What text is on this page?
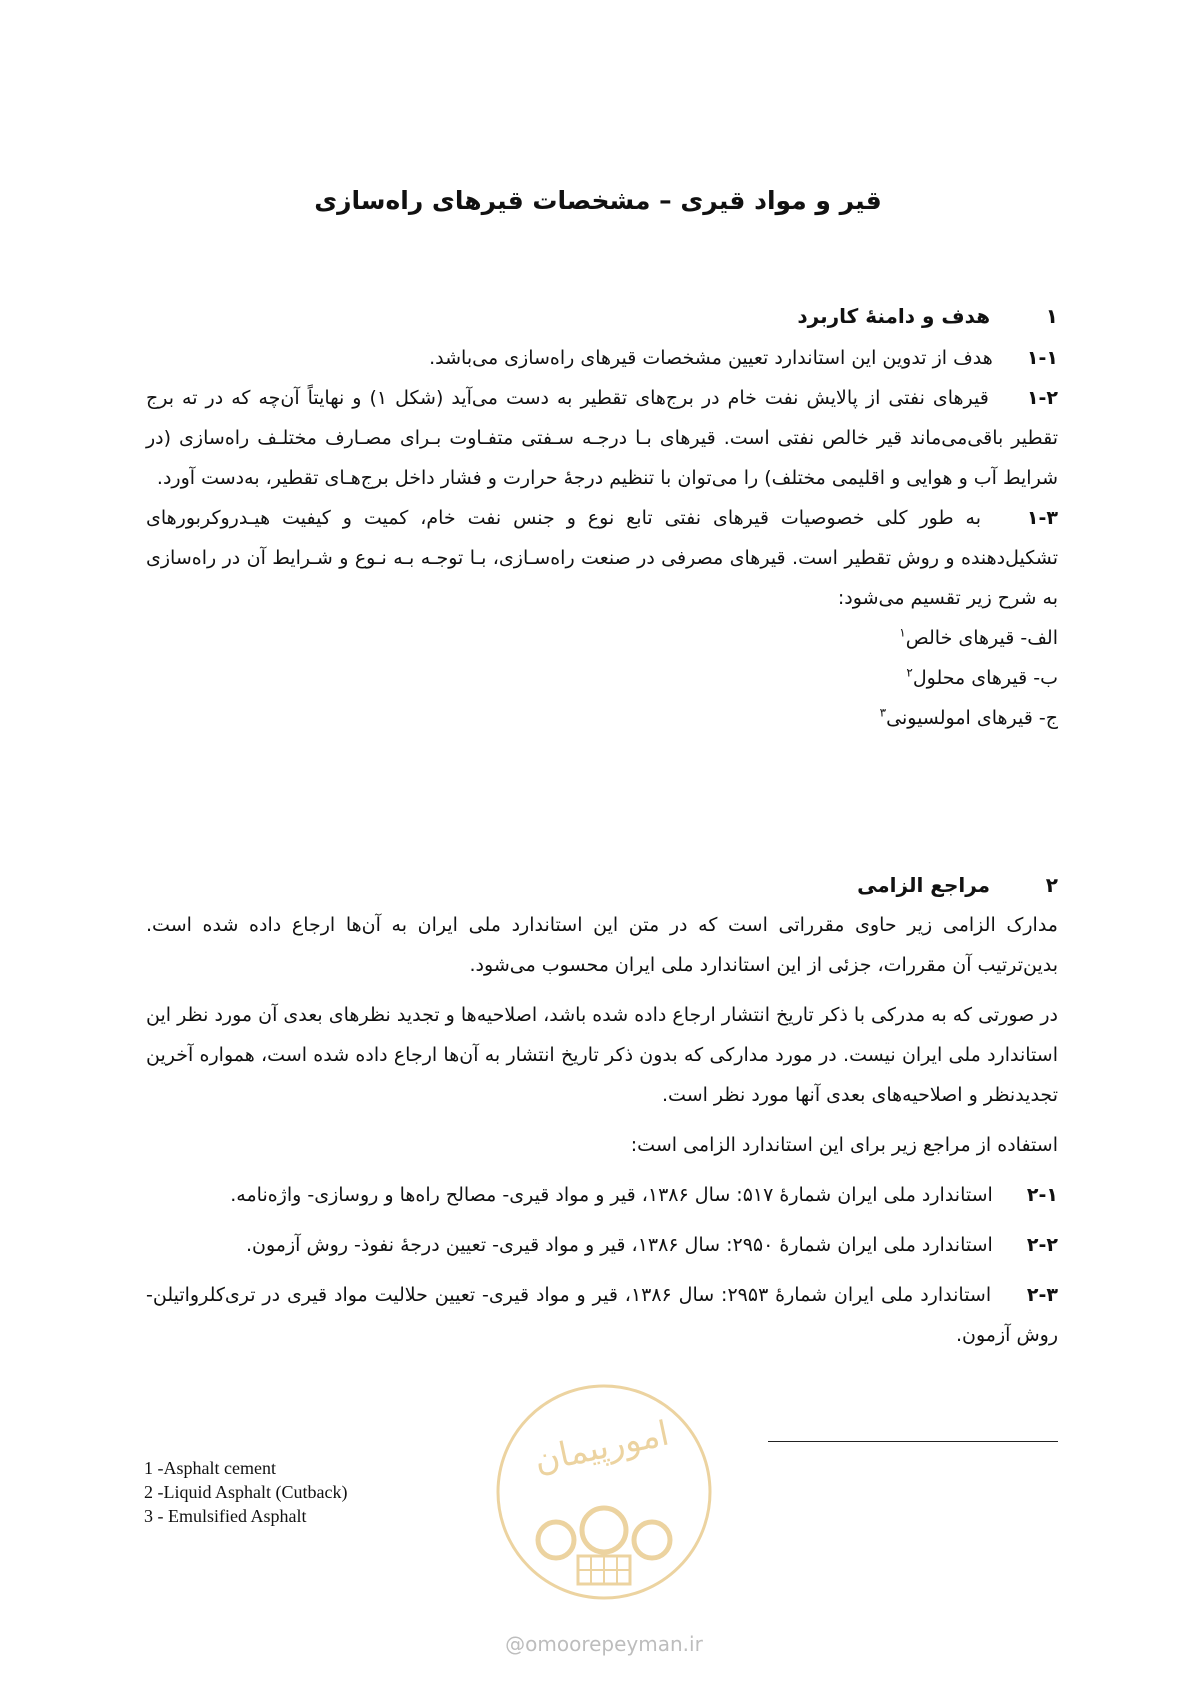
قیر و مواد قیری – مشخصات قیرهای راه‌سازی
۱  هدف و دامنهٔ کاربرد

۱-۱  هدف از تدوین این استاندارد تعیین مشخصات قیرهای راه‌سازی می‌باشد.

۱-۲  قیرهای نفتی از پالایش نفت خام در برج‌های تقطیر به دست می‌آید (شکل ۱) و نهایتاً آن‌چه که در ته برج تقطیر باقی‌می‌ماند قیر خالص نفتی است. قیرهای بـا درجـه سـفتی متفـاوت بـرای مصـارف مختلـف راه‌سازی (در شرایط آب و هوایی و اقلیمی مختلف) را می‌توان با تنظیم درجهٔ حرارت و فشار داخل برج‌هـای تقطیر، به‌دست آورد.

۱-۳  به طور کلی خصوصیات قیرهای نفتی تابع نوع و جنس نفت خام، کمیت و کیفیت هیـدروکربورهای تشکیل‌دهنده و روش تقطیر است. قیرهای مصرفی در صنعت راه‌سـازی، بـا توجـه بـه نـوع و شـرایط آن در راه‌سازی به شرح زیر تقسیم می‌شود:

الف- قیرهای خالص$^۱$

ب- قیرهای محلول$^۲$

ج- قیرهای امولسیونی$^۳$

۲  مراجع الزامی

مدارک الزامی زیر حاوی مقرراتی است که در متن این استاندارد ملی ایران به آن‌ها ارجاع داده شده است. بدین‌ترتیب آن مقررات، جزئی از این استاندارد ملی ایران محسوب می‌شود.

در صورتی که به مدرکی با ذکر تاریخ انتشار ارجاع داده شده باشد، اصلاحیه‌ها و تجدید نظرهای بعدی آن مورد نظر این استاندارد ملی ایران نیست. در مورد مدارکی که بدون ذکر تاریخ انتشار به آن‌ها ارجاع داده شده است، همواره آخرین تجدیدنظر و اصلاحیه‌های بعدی آنها مورد نظر است.

استفاده از مراجع زیر برای این استاندارد الزامی است:

۲-۱  استاندارد ملی ایران شمارهٔ ۵۱۷: سال ۱۳۸۶، قیر و مواد قیری- مصالح راه‌ها و روسازی- واژه‌نامه.

۲-۲  استاندارد ملی ایران شمارهٔ ۲۹۵۰: سال ۱۳۸۶، قیر و مواد قیری- تعیین درجهٔ نفوذ- روش آزمون.

۲-۳  استاندارد ملی ایران شمارهٔ ۲۹۵۳: سال ۱۳۸۶، قیر و مواد قیری- تعیین حلالیت مواد قیری در تری‌کلرواتیلن- روش آزمون.

1 -Asphalt cement
2 -Liquid Asphalt (Cutback)
3 - Emulsified Asphalt
امورپیمان
@omoorepeyman.ir
